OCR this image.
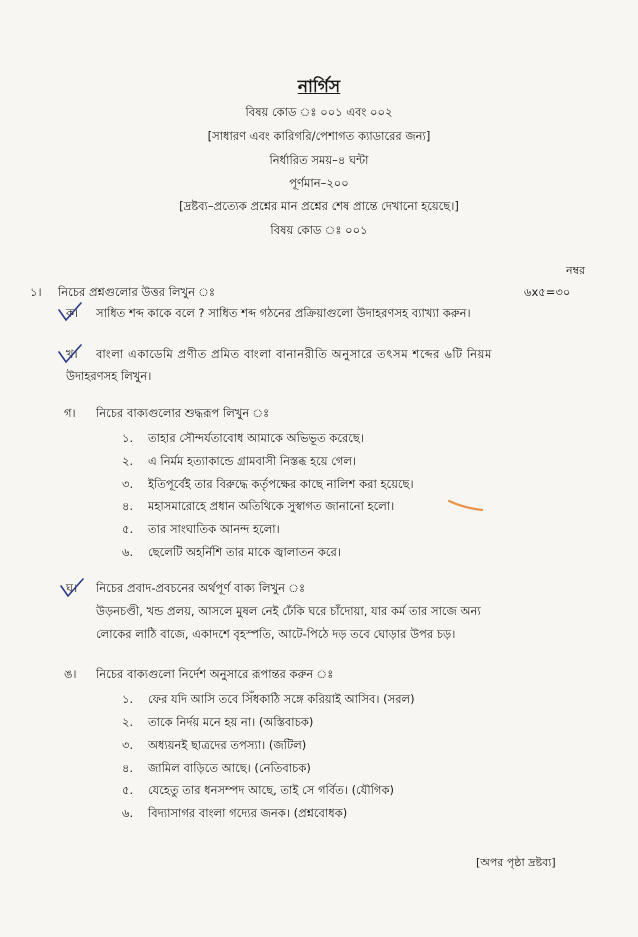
নার্গিস
বিষয় কোড ঃ ০০১ এবং ০০২
[সাধারণ এবং কারিগরি/পেশাগত ক্যাডারের জন্য]
নির্ধারিত সময়–৪ ঘন্টা
পূর্ণমান–২০০
[দ্রষ্টব্য–প্রত্যেক প্রশ্নের মান প্রশ্নের শেষ প্রান্তে দেখানো হয়েছে।]
বিষয় কোড ঃ ০০১
নম্বর
১। নিচের প্রশ্নগুলোর উত্তর লিখুন ঃ	৬x৫=৩০
ক। সাধিত শব্দ কাকে বলে ? সাধিত শব্দ গঠনের প্রক্রিয়াগুলো উদাহরণসহ ব্যাখ্যা করুন।
খ। বাংলা একাডেমি প্রণীত প্রমিত বাংলা বানানরীতি অনুসারে তৎসম শব্দের ৬টি নিয়ম
উদাহরণসহ লিখুন।
গ। নিচের বাক্যগুলোর শুদ্ধরূপ লিখুন ঃ
১. তাহার সৌন্দর্যতাবোধ আমাকে অভিভূত করেছে।
২. এ নির্মম হত্যাকান্ডে গ্রামবাসী নিস্তব্ধ হয়ে গেল।
৩. ইতিপূর্বেই তার বিরুদ্ধে কর্তৃপক্ষের কাছে নালিশ করা হয়েছে।
৪. মহাসমারোহে প্রধান অতিথিকে সুস্বাগত জানানো হলো।
৫. তার সাংঘাতিক আনন্দ হলো।
৬. ছেলেটি অহর্নিশি তার মাকে জ্বালাতন করে।
ঘ। নিচের প্রবাদ-প্রবচনের অর্থপূর্ণ বাক্য লিখুন ঃ
উড়নচণ্ডী, খন্ড প্রলয়, আসলে মুষল নেই ঢেঁকি ঘরে চাঁদোয়া, যার কর্ম তার সাজে অন্য
লোকের লাঠি বাজে, একাদশে বৃহস্পতি, আটে-পিঠে দড় তবে ঘোড়ার উপর চড়।
ঙ। নিচের বাক্যগুলো নির্দেশ অনুসারে রূপান্তর করুন ঃ
১. ফের যদি আসি তবে সিঁধকাঠি সঙ্গে করিয়াই আসিব। (সরল)
২. তাকে নির্দয় মনে হয় না। (অস্তিবাচক)
৩. অধ্যয়নই ছাত্রদের তপস্যা। (জটিল)
৪. জামিল বাড়িতে আছে। (নেতিবাচক)
৫. যেহেতু তার ধনসম্পদ আছে, তাই সে গর্বিত। (যৌগিক)
৬. বিদ্যাসাগর বাংলা গদ্যের জনক। (প্রশ্নবোধক)
[অপর পৃষ্ঠা দ্রষ্টব্য]
